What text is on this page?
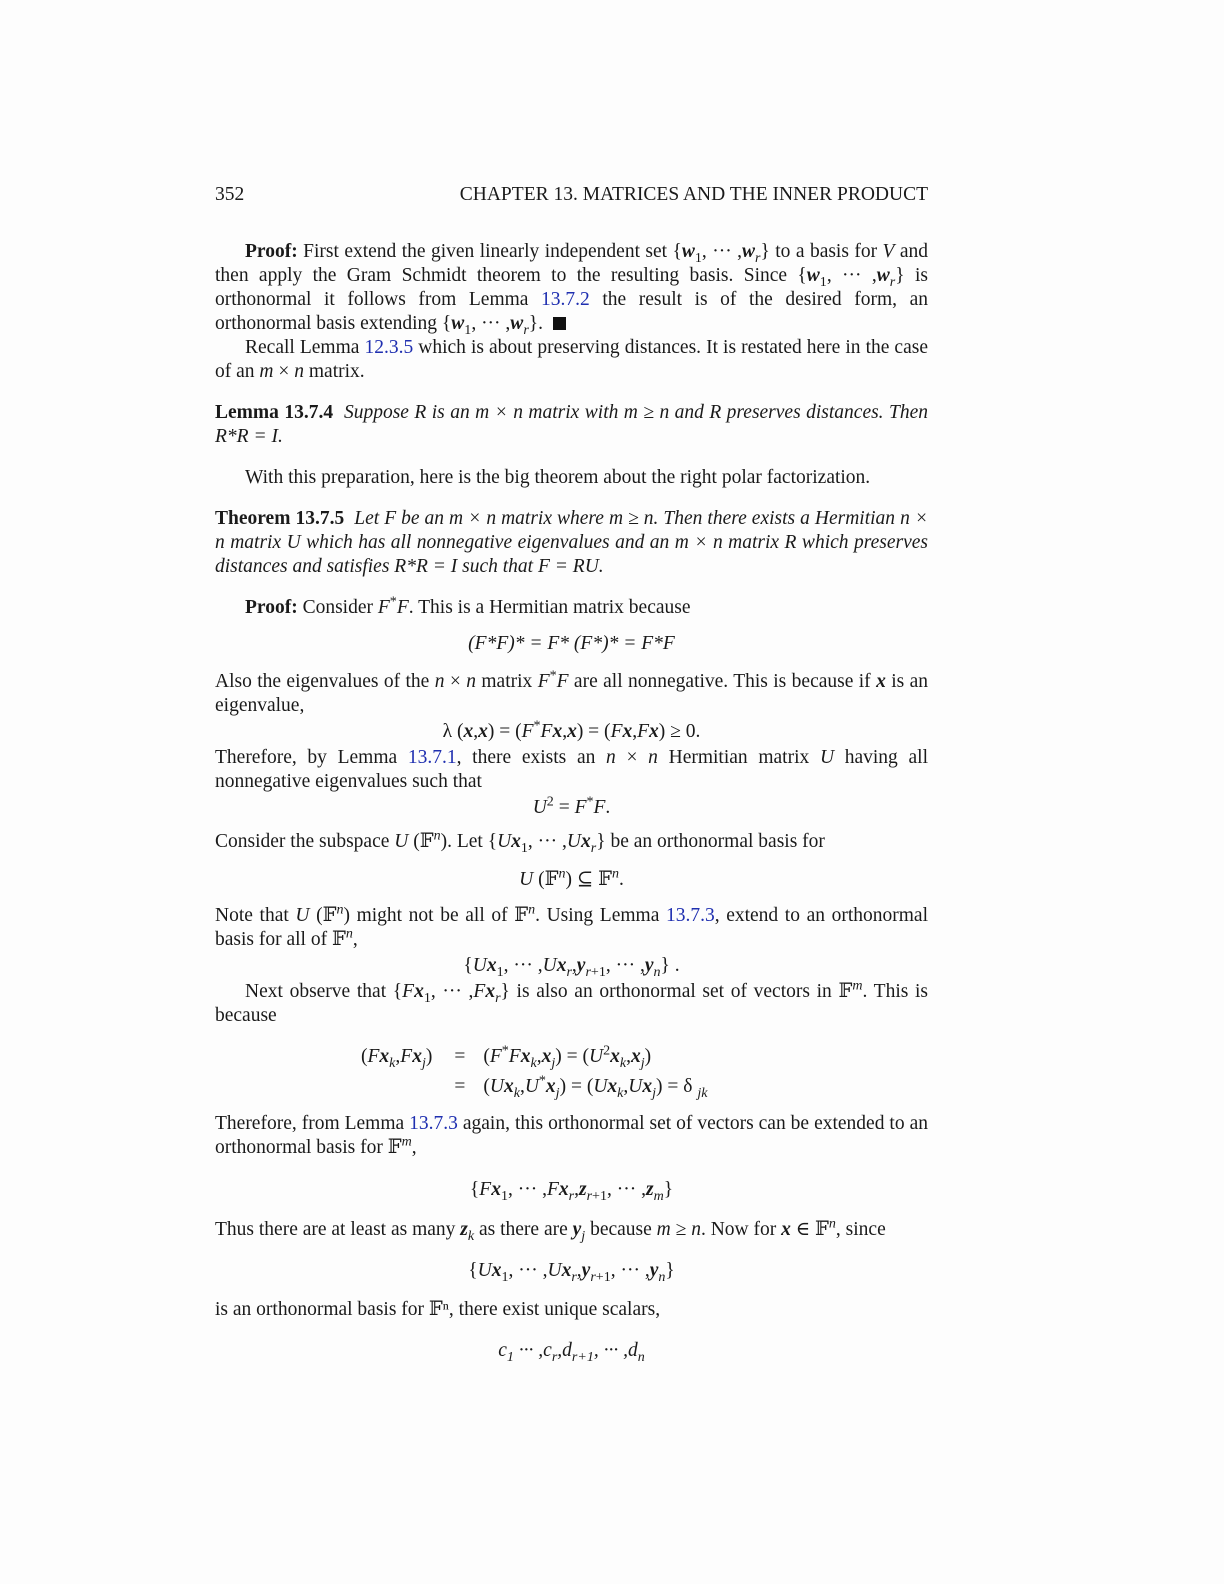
352	CHAPTER 13. MATRICES AND THE INNER PRODUCT

Proof: First extend the given linearly independent set {$w_1$, ··· $,w_r$} to a basis for V and then apply the Gram Schmidt theorem to the resulting basis. Since {$w_1$, ··· $,w_r$} is orthonormal it follows from Lemma 13.7.2 the result is of the desired form, an orthonormal basis extending {$w_1$, ··· $,w_r$}.

Recall Lemma 12.3.5 which is about preserving distances. It is restated here in the case of an m × n matrix.

Lemma 13.7.4 Suppose R is an m × n matrix with m ≥ n and R preserves distances. Then R*R = I.

With this preparation, here is the big theorem about the right polar factorization.

Theorem 13.7.5 Let F be an m × n matrix where m ≥ n. Then there exists a Hermitian n × n matrix U which has all nonnegative eigenvalues and an m × n matrix R which preserves distances and satisfies R*R = I such that F = RU.

Proof: Consider F*F. This is a Hermitian matrix because

(F*F)* = F* (F*)* = F*F

Also the eigenvalues of the n × n matrix F*F are all nonnegative. This is because if x is an eigenvalue,

λ (x,x) = (F*Fx,x) = (Fx,Fx) ≥ 0.

Therefore, by Lemma 13.7.1, there exists an n × n Hermitian matrix U having all nonnegative eigenvalues such that

$U^2 = F^*F$.

Consider the subspace U (𝔽$^n$). Let {$Ux_1$, ··· $,Ux_r$} be an orthonormal basis for

U (𝔽$^n$) ⊆ 𝔽$^n$.

Note that U (𝔽$^n$) might not be all of 𝔽$^n$. Using Lemma 13.7.3, extend to an orthonormal basis for all of 𝔽$^n$,

{$Ux_1$, ··· $,Ux_r,y_{r+1}$, ··· $,y_n$} .

Next observe that {$Fx_1$, ··· $,Fx_r$} is also an orthonormal set of vectors in 𝔽$^m$. This is because

$(Fx_k,Fx_j)$	=	$(F^*Fx_k,x_j) = (U^2x_k,x_j)$
	=	$(Ux_k,U^*x_j) = (Ux_k,Ux_j) = \delta$ $_{jk}$

Therefore, from Lemma 13.7.3 again, this orthonormal set of vectors can be extended to an orthonormal basis for 𝔽$^m$,

{$Fx_1$, ··· $,Fx_r,z_{r+1}$, ··· $,z_m$}

Thus there are at least as many $z_k$ as there are $y_j$ because m ≥ n. Now for x ∈ 𝔽$^n$, since

{$Ux_1$, ··· $,Ux_r,y_{r+1}$, ··· $,y_n$}

is an orthonormal basis for 𝔽ⁿ, there exist unique scalars,

$c_1$ ··· $,c_r,d_{r+1}$, ··· $,d_n$
